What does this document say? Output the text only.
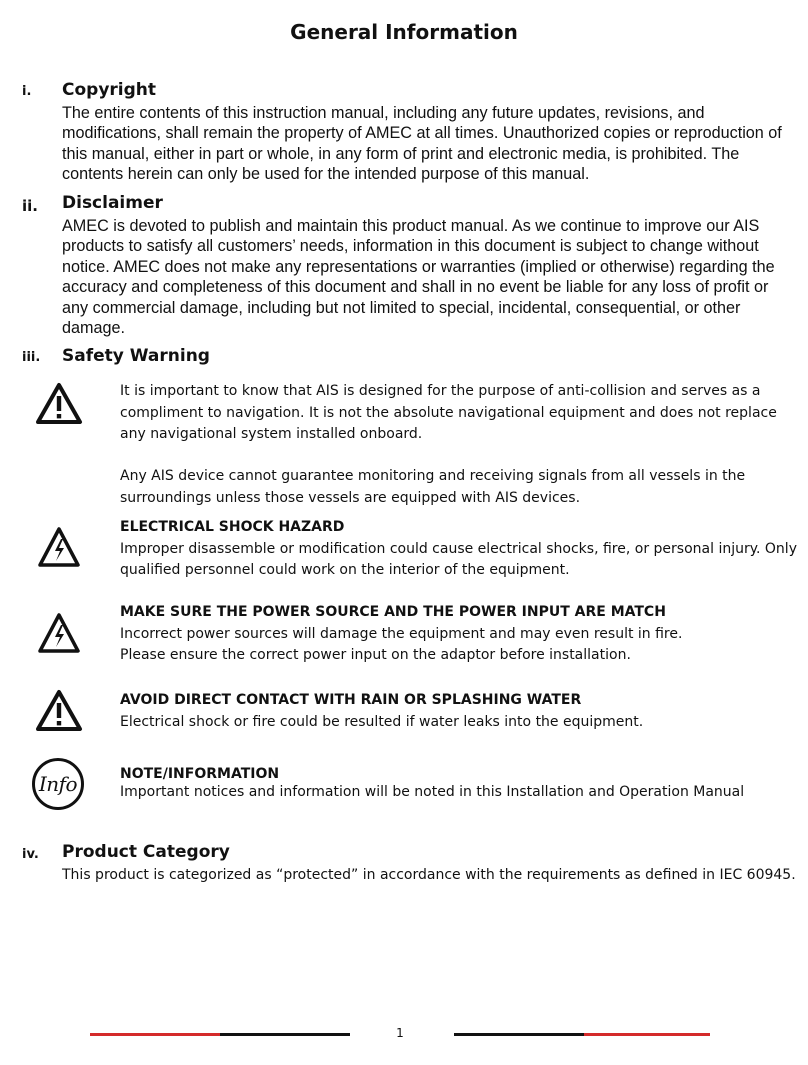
General Information
i. Copyright

The entire contents of this instruction manual, including any future updates, revisions, and modifications, shall remain the property of AMEC at all times. Unauthorized copies or reproduction of this manual, either in part or whole, in any form of print and electronic media, is prohibited. The contents herein can only be used for the intended purpose of this manual.

ii. Disclaimer

AMEC is devoted to publish and maintain this product manual. As we continue to improve our AIS products to satisfy all customers’ needs, information in this document is subject to change without notice. AMEC does not make any representations or warranties (implied or otherwise) regarding the accuracy and completeness of this document and shall in no event be liable for any loss of profit or any commercial damage, including but not limited to special, incidental, consequential, or other damage.

iii. Safety Warning

It is important to know that AIS is designed for the purpose of anti-collision and serves as a compliment to navigation. It is not the absolute navigational equipment and does not replace any navigational system installed onboard.

Any AIS device cannot guarantee monitoring and receiving signals from all vessels in the surroundings unless those vessels are equipped with AIS devices.

ELECTRICAL SHOCK HAZARD
Improper disassemble or modification could cause electrical shocks, fire, or personal injury. Only qualified personnel could work on the interior of the equipment.
MAKE SURE THE POWER SOURCE AND THE POWER INPUT ARE MATCH
Incorrect power sources will damage the equipment and may even result in fire.
Please ensure the correct power input on the adaptor before installation.
AVOID DIRECT CONTACT WITH RAIN OR SPLASHING WATER
Electrical shock or fire could be resulted if water leaks into the equipment.
Info	NOTE/INFORMATION
Important notices and information will be noted in this Installation and Operation Manual
iv. Product Category

This product is categorized as “protected” in accordance with the requirements as defined in IEC 60945.

1
